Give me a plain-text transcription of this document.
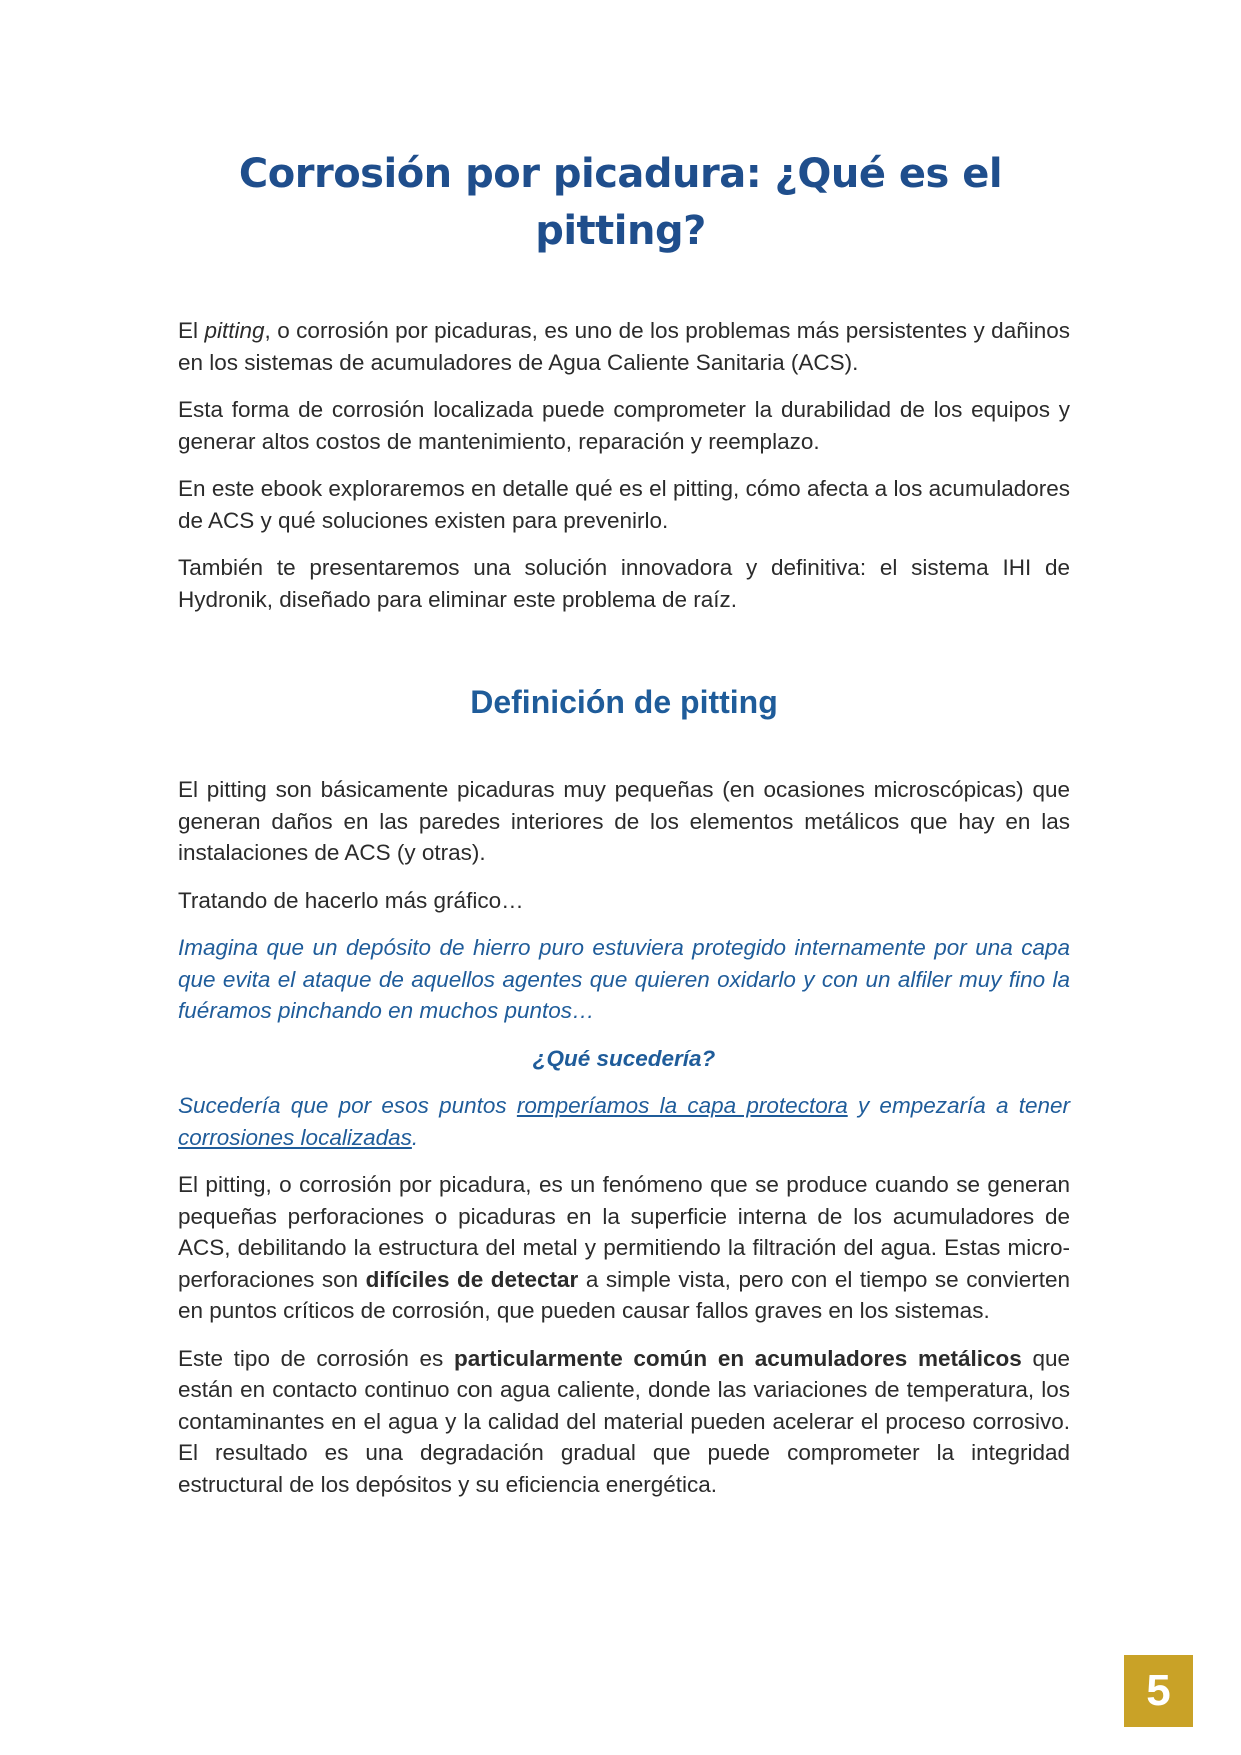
Corrosión por picadura: ¿Qué es el
pitting?

El pitting, o corrosión por picaduras, es uno de los problemas más persistentes y dañinos en los sistemas de acumuladores de Agua Caliente Sanitaria (ACS).

Esta forma de corrosión localizada puede comprometer la durabilidad de los equipos y generar altos costos de mantenimiento, reparación y reemplazo.

En este ebook exploraremos en detalle qué es el pitting, cómo afecta a los acumuladores de ACS y qué soluciones existen para prevenirlo.

También te presentaremos una solución innovadora y definitiva: el sistema IHI de Hydronik, diseñado para eliminar este problema de raíz.

Definición de pitting

El pitting son básicamente picaduras muy pequeñas (en ocasiones microscópicas) que generan daños en las paredes interiores de los elementos metálicos que hay en las instalaciones de ACS (y otras).

Tratando de hacerlo más gráfico…

Imagina que un depósito de hierro puro estuviera protegido internamente por una capa que evita el ataque de aquellos agentes que quieren oxidarlo y con un alfiler muy fino la fuéramos pinchando en muchos puntos…

¿Qué sucedería?

Sucedería que por esos puntos romperíamos la capa protectora y empezaría a tener corrosiones localizadas.

El pitting, o corrosión por picadura, es un fenómeno que se produce cuando se generan pequeñas perforaciones o picaduras en la superficie interna de los acumuladores de ACS, debilitando la estructura del metal y permitiendo la filtración del agua. Estas micro-perforaciones son difíciles de detectar a simple vista, pero con el tiempo se convierten en puntos críticos de corrosión, que pueden causar fallos graves en los sistemas.

Este tipo de corrosión es particularmente común en acumuladores metálicos que están en contacto continuo con agua caliente, donde las variaciones de temperatura, los contaminantes en el agua y la calidad del material pueden acelerar el proceso corrosivo. El resultado es una degradación gradual que puede comprometer la integridad estructural de los depósitos y su eficiencia energética.

5
